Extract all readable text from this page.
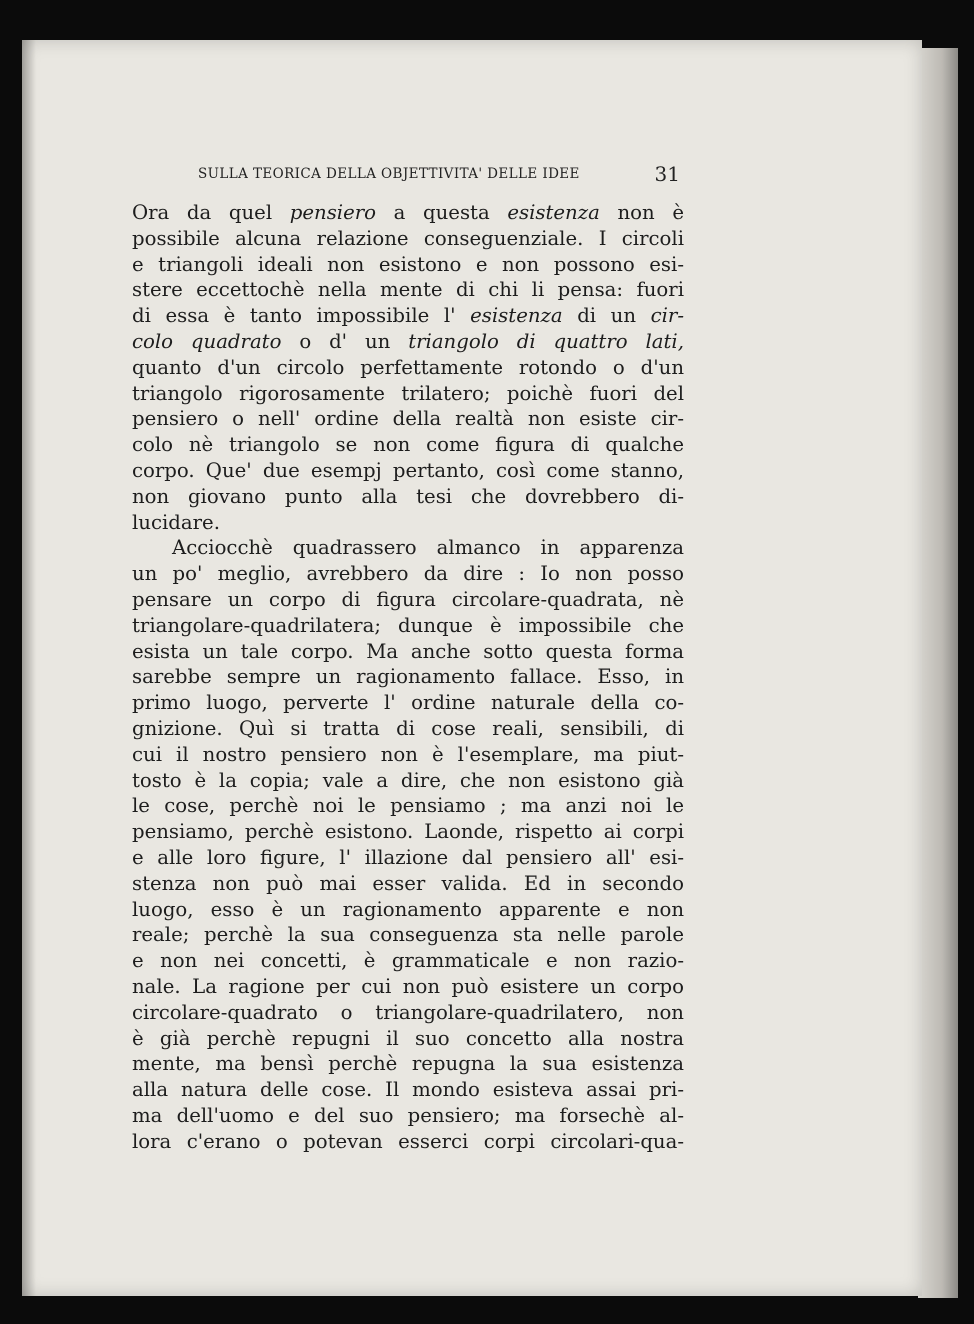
SULLA TEORICA DELLA OBJETTIVITA' DELLE IDEE	31
Ora da quel pensiero a questa esistenza non è
possibile alcuna relazione conseguenziale. I circoli
e triangoli ideali non esistono e non possono esi-
stere eccettochè nella mente di chi li pensa: fuori
di essa è tanto impossibile l' esistenza di un cir-
colo quadrato o d' un triangolo di quattro lati,
quanto d'un circolo perfettamente rotondo o d'un
triangolo rigorosamente trilatero; poichè fuori del
pensiero o nell' ordine della realtà non esiste cir-
colo nè triangolo se non come figura di qualche
corpo. Que' due esempj pertanto, così come stanno,
non giovano punto alla tesi che dovrebbero di-
lucidare.
Acciocchè quadrassero almanco in apparenza
un po' meglio, avrebbero da dire : Io non posso
pensare un corpo di figura circolare-quadrata, nè
triangolare-quadrilatera; dunque è impossibile che
esista un tale corpo. Ma anche sotto questa forma
sarebbe sempre un ragionamento fallace. Esso, in
primo luogo, perverte l' ordine naturale della co-
gnizione. Quì si tratta di cose reali, sensibili, di
cui il nostro pensiero non è l'esemplare, ma piut-
tosto è la copia; vale a dire, che non esistono già
le cose, perchè noi le pensiamo ; ma anzi noi le
pensiamo, perchè esistono. Laonde, rispetto ai corpi
e alle loro figure, l' illazione dal pensiero all' esi-
stenza non può mai esser valida. Ed in secondo
luogo, esso è un ragionamento apparente e non
reale; perchè la sua conseguenza sta nelle parole
e non nei concetti, è grammaticale e non razio-
nale. La ragione per cui non può esistere un corpo
circolare-quadrato o triangolare-quadrilatero, non
è già perchè repugni il suo concetto alla nostra
mente, ma bensì perchè repugna la sua esistenza
alla natura delle cose. Il mondo esisteva assai pri-
ma dell'uomo e del suo pensiero; ma forsechè al-
lora c'erano o potevan esserci corpi circolari-qua-
